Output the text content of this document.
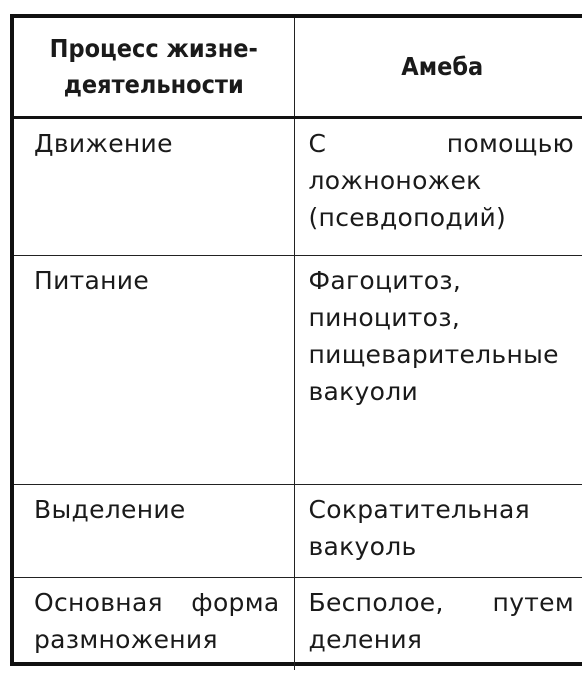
Процесс жизне-деятельности	Амеба

Движение	С помощью ложноножек (псевдоподий)

Питание	Фагоцитоз, пиноцитоз, пищеварительные вакуоли

Выделение	Сократительная вакуоль

Основная форма размножения	Бесполое, путем деления
